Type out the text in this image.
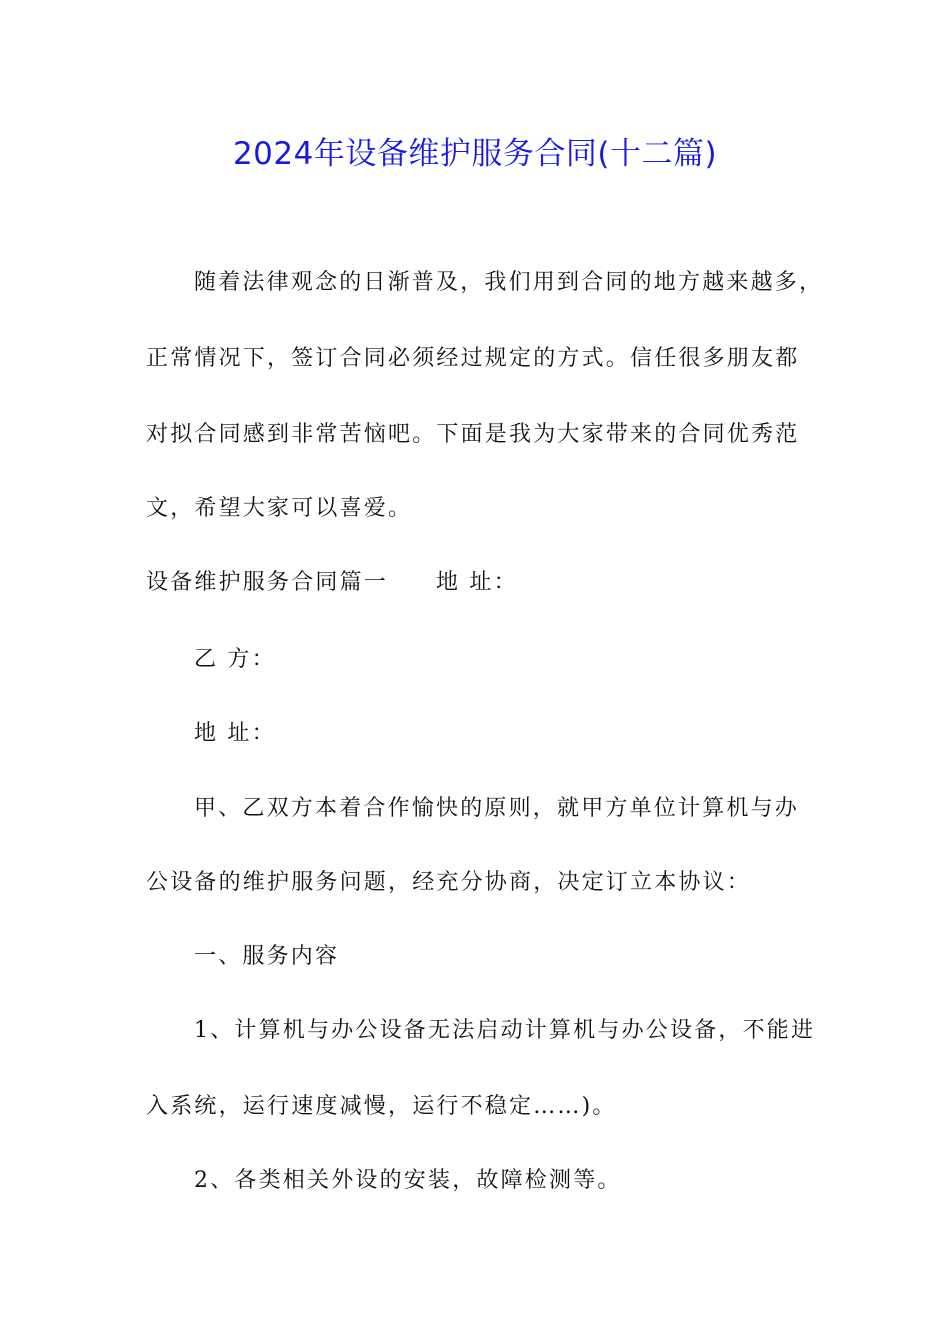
2024年设备维护服务合同(十二篇)
随着法律观念的日渐普及，我们用到合同的地方越来越多，
正常情况下，签订合同必须经过规定的方式。信任很多朋友都
对拟合同感到非常苦恼吧。下面是我为大家带来的合同优秀范
文，希望大家可以喜爱。
设备维护服务合同篇一 地 址：
乙 方：
地 址：
甲、乙双方本着合作愉快的原则，就甲方单位计算机与办
公设备的维护服务问题，经充分协商，决定订立本协议：
一、服务内容
1、计算机与办公设备无法启动计算机与办公设备，不能进
入系统，运行速度减慢，运行不稳定……)。
2、各类相关外设的安装，故障检测等。
